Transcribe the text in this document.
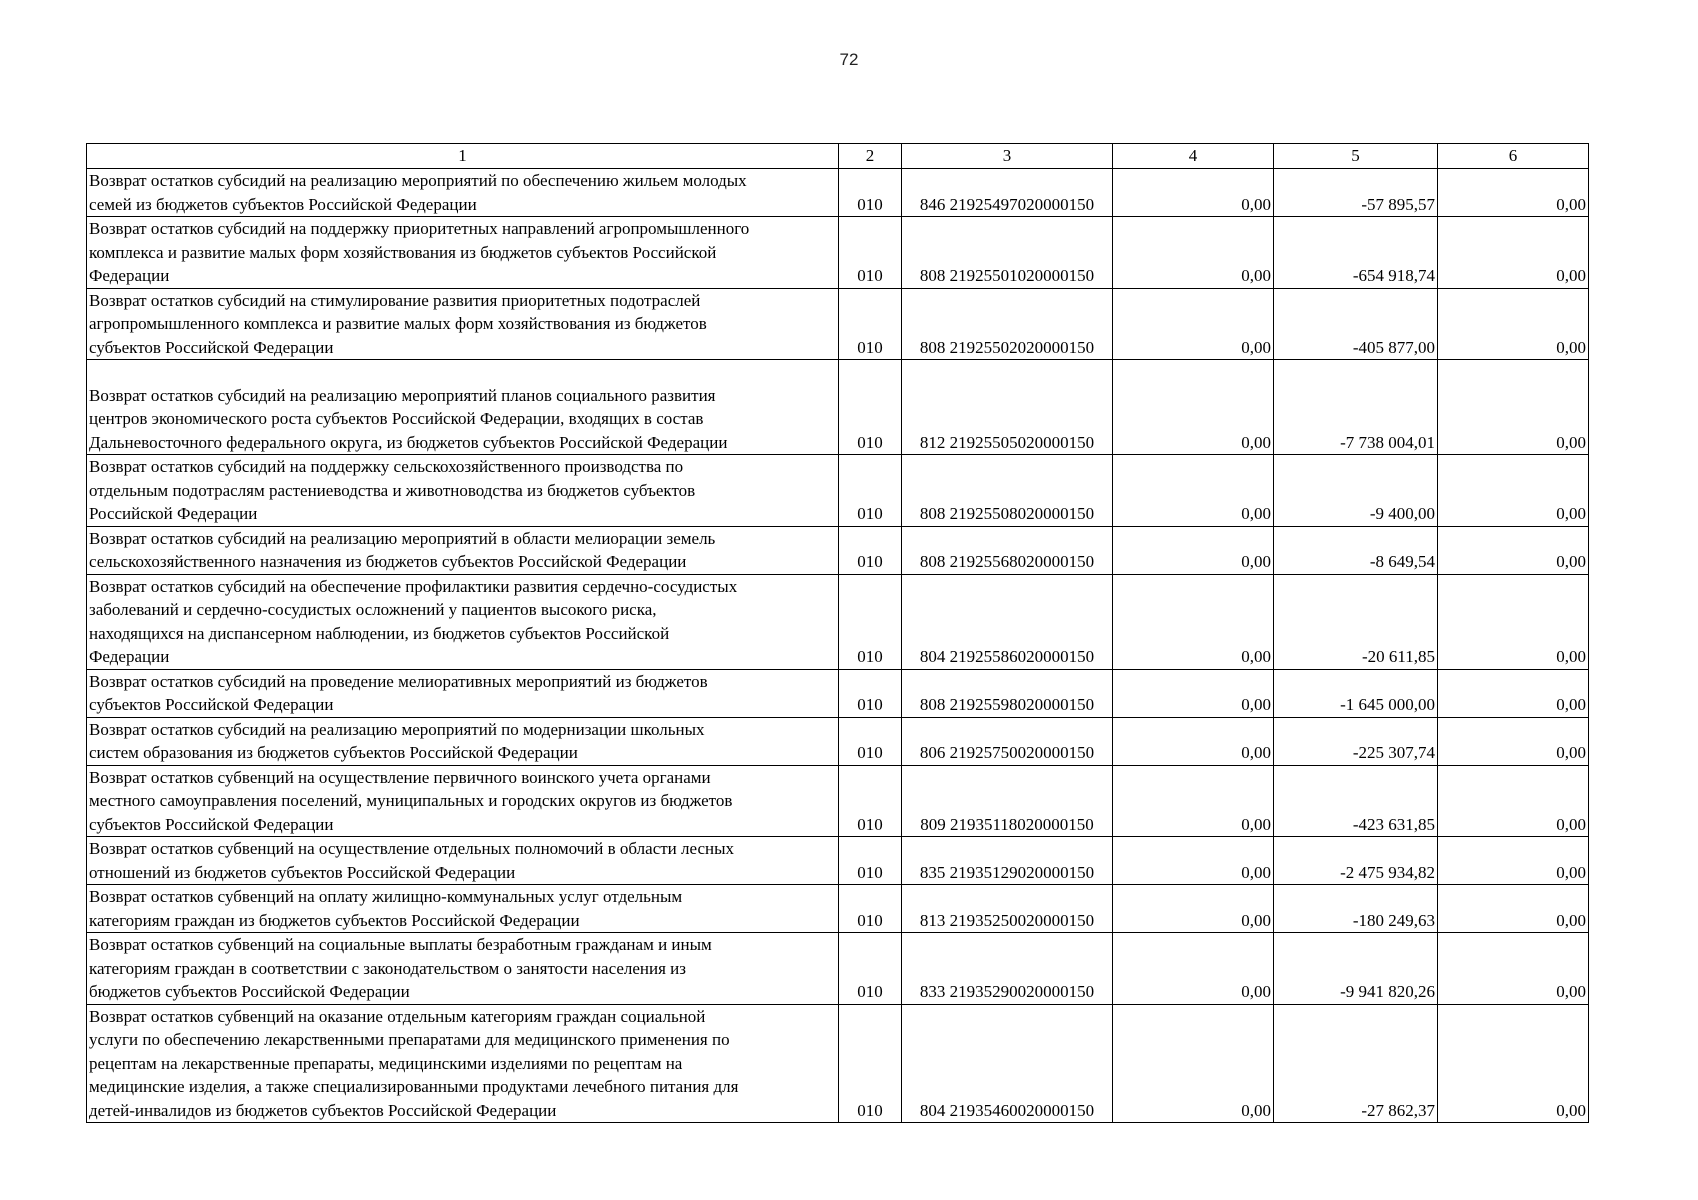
72
1	2	3	4	5	6
Возврат остатков субсидий на реализацию мероприятий по обеспечению жильем молодых
семей из бюджетов субъектов Российской Федерации	010	846 21925497020000150	0,00	-57 895,57	0,00
Возврат остатков субсидий на поддержку приоритетных направлений агропромышленного
комплекса и развитие малых форм хозяйствования из бюджетов субъектов Российской
Федерации	010	808 21925501020000150	0,00	-654 918,74	0,00
Возврат остатков субсидий на стимулирование развития приоритетных подотраслей
агропромышленного комплекса и развитие малых форм хозяйствования из бюджетов
субъектов Российской Федерации	010	808 21925502020000150	0,00	-405 877,00	0,00
Возврат остатков субсидий на реализацию мероприятий планов социального развития
центров экономического роста субъектов Российской Федерации, входящих в состав
Дальневосточного федерального округа, из бюджетов субъектов Российской Федерации	010	812 21925505020000150	0,00	-7 738 004,01	0,00
Возврат остатков субсидий на поддержку сельскохозяйственного производства по
отдельным подотраслям растениеводства и животноводства из бюджетов субъектов
Российской Федерации	010	808 21925508020000150	0,00	-9 400,00	0,00
Возврат остатков субсидий на реализацию мероприятий в области мелиорации земель
сельскохозяйственного назначения из бюджетов субъектов Российской Федерации	010	808 21925568020000150	0,00	-8 649,54	0,00
Возврат остатков субсидий на обеспечение профилактики развития сердечно-сосудистых
заболеваний и сердечно-сосудистых осложнений у пациентов высокого риска,
находящихся на диспансерном наблюдении, из бюджетов субъектов Российской
Федерации	010	804 21925586020000150	0,00	-20 611,85	0,00
Возврат остатков субсидий на проведение мелиоративных мероприятий из бюджетов
субъектов Российской Федерации	010	808 21925598020000150	0,00	-1 645 000,00	0,00
Возврат остатков субсидий на реализацию мероприятий по модернизации школьных
систем образования из бюджетов субъектов Российской Федерации	010	806 21925750020000150	0,00	-225 307,74	0,00
Возврат остатков субвенций на осуществление первичного воинского учета органами
местного самоуправления поселений, муниципальных и городских округов из бюджетов
субъектов Российской Федерации	010	809 21935118020000150	0,00	-423 631,85	0,00
Возврат остатков субвенций на осуществление отдельных полномочий в области лесных
отношений из бюджетов субъектов Российской Федерации	010	835 21935129020000150	0,00	-2 475 934,82	0,00
Возврат остатков субвенций на оплату жилищно-коммунальных услуг отдельным
категориям граждан из бюджетов субъектов Российской Федерации	010	813 21935250020000150	0,00	-180 249,63	0,00
Возврат остатков субвенций на социальные выплаты безработным гражданам и иным
категориям граждан в соответствии с законодательством о занятости населения из
бюджетов субъектов Российской Федерации	010	833 21935290020000150	0,00	-9 941 820,26	0,00
Возврат остатков субвенций на оказание отдельным категориям граждан социальной
услуги по обеспечению лекарственными препаратами для медицинского применения по
рецептам на лекарственные препараты, медицинскими изделиями по рецептам на
медицинские изделия, а также специализированными продуктами лечебного питания для
детей-инвалидов из бюджетов субъектов Российской Федерации	010	804 21935460020000150	0,00	-27 862,37	0,00
